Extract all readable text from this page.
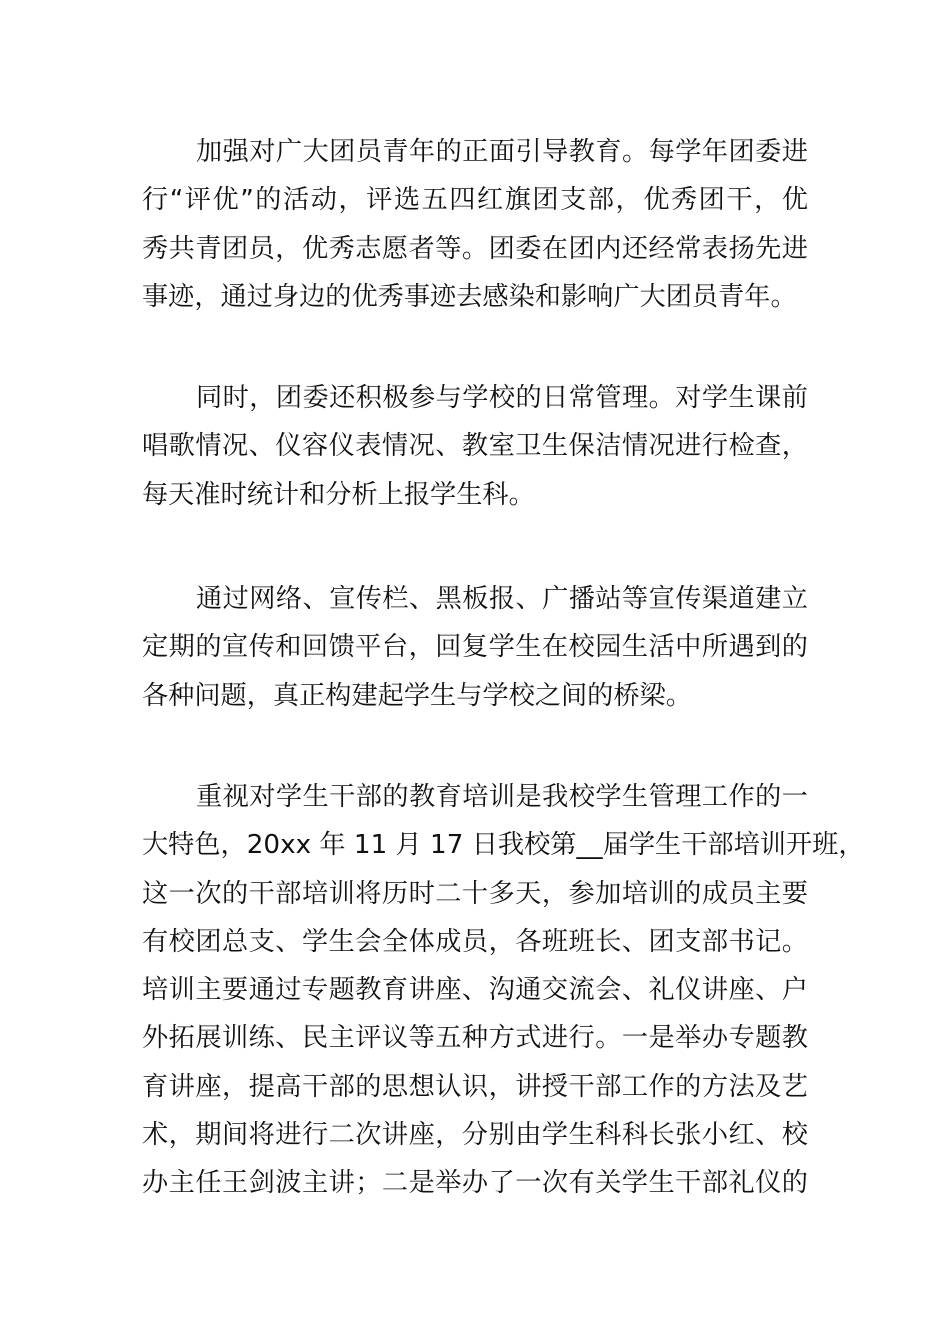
加强对广大团员青年的正面引导教育。每学年团委进
行“评优”的活动，评选五四红旗团支部，优秀团干，优
秀共青团员，优秀志愿者等。团委在团内还经常表扬先进
事迹，通过身边的优秀事迹去感染和影响广大团员青年。
同时，团委还积极参与学校的日常管理。对学生课前
唱歌情况、仪容仪表情况、教室卫生保洁情况进行检查，
每天准时统计和分析上报学生科。
通过网络、宣传栏、黑板报、广播站等宣传渠道建立
定期的宣传和回馈平台，回复学生在校园生活中所遇到的
各种问题，真正构建起学生与学校之间的桥梁。
重视对学生干部的教育培训是我校学生管理工作的一
大特色，20xx 年 11 月 17 日我校第__届学生干部培训开班，
这一次的干部培训将历时二十多天，参加培训的成员主要
有校团总支、学生会全体成员，各班班长、团支部书记。
培训主要通过专题教育讲座、沟通交流会、礼仪讲座、户
外拓展训练、民主评议等五种方式进行。一是举办专题教
育讲座，提高干部的思想认识，讲授干部工作的方法及艺
术，期间将进行二次讲座，分别由学生科科长张小红、校
办主任王剑波主讲；二是举办了一次有关学生干部礼仪的
